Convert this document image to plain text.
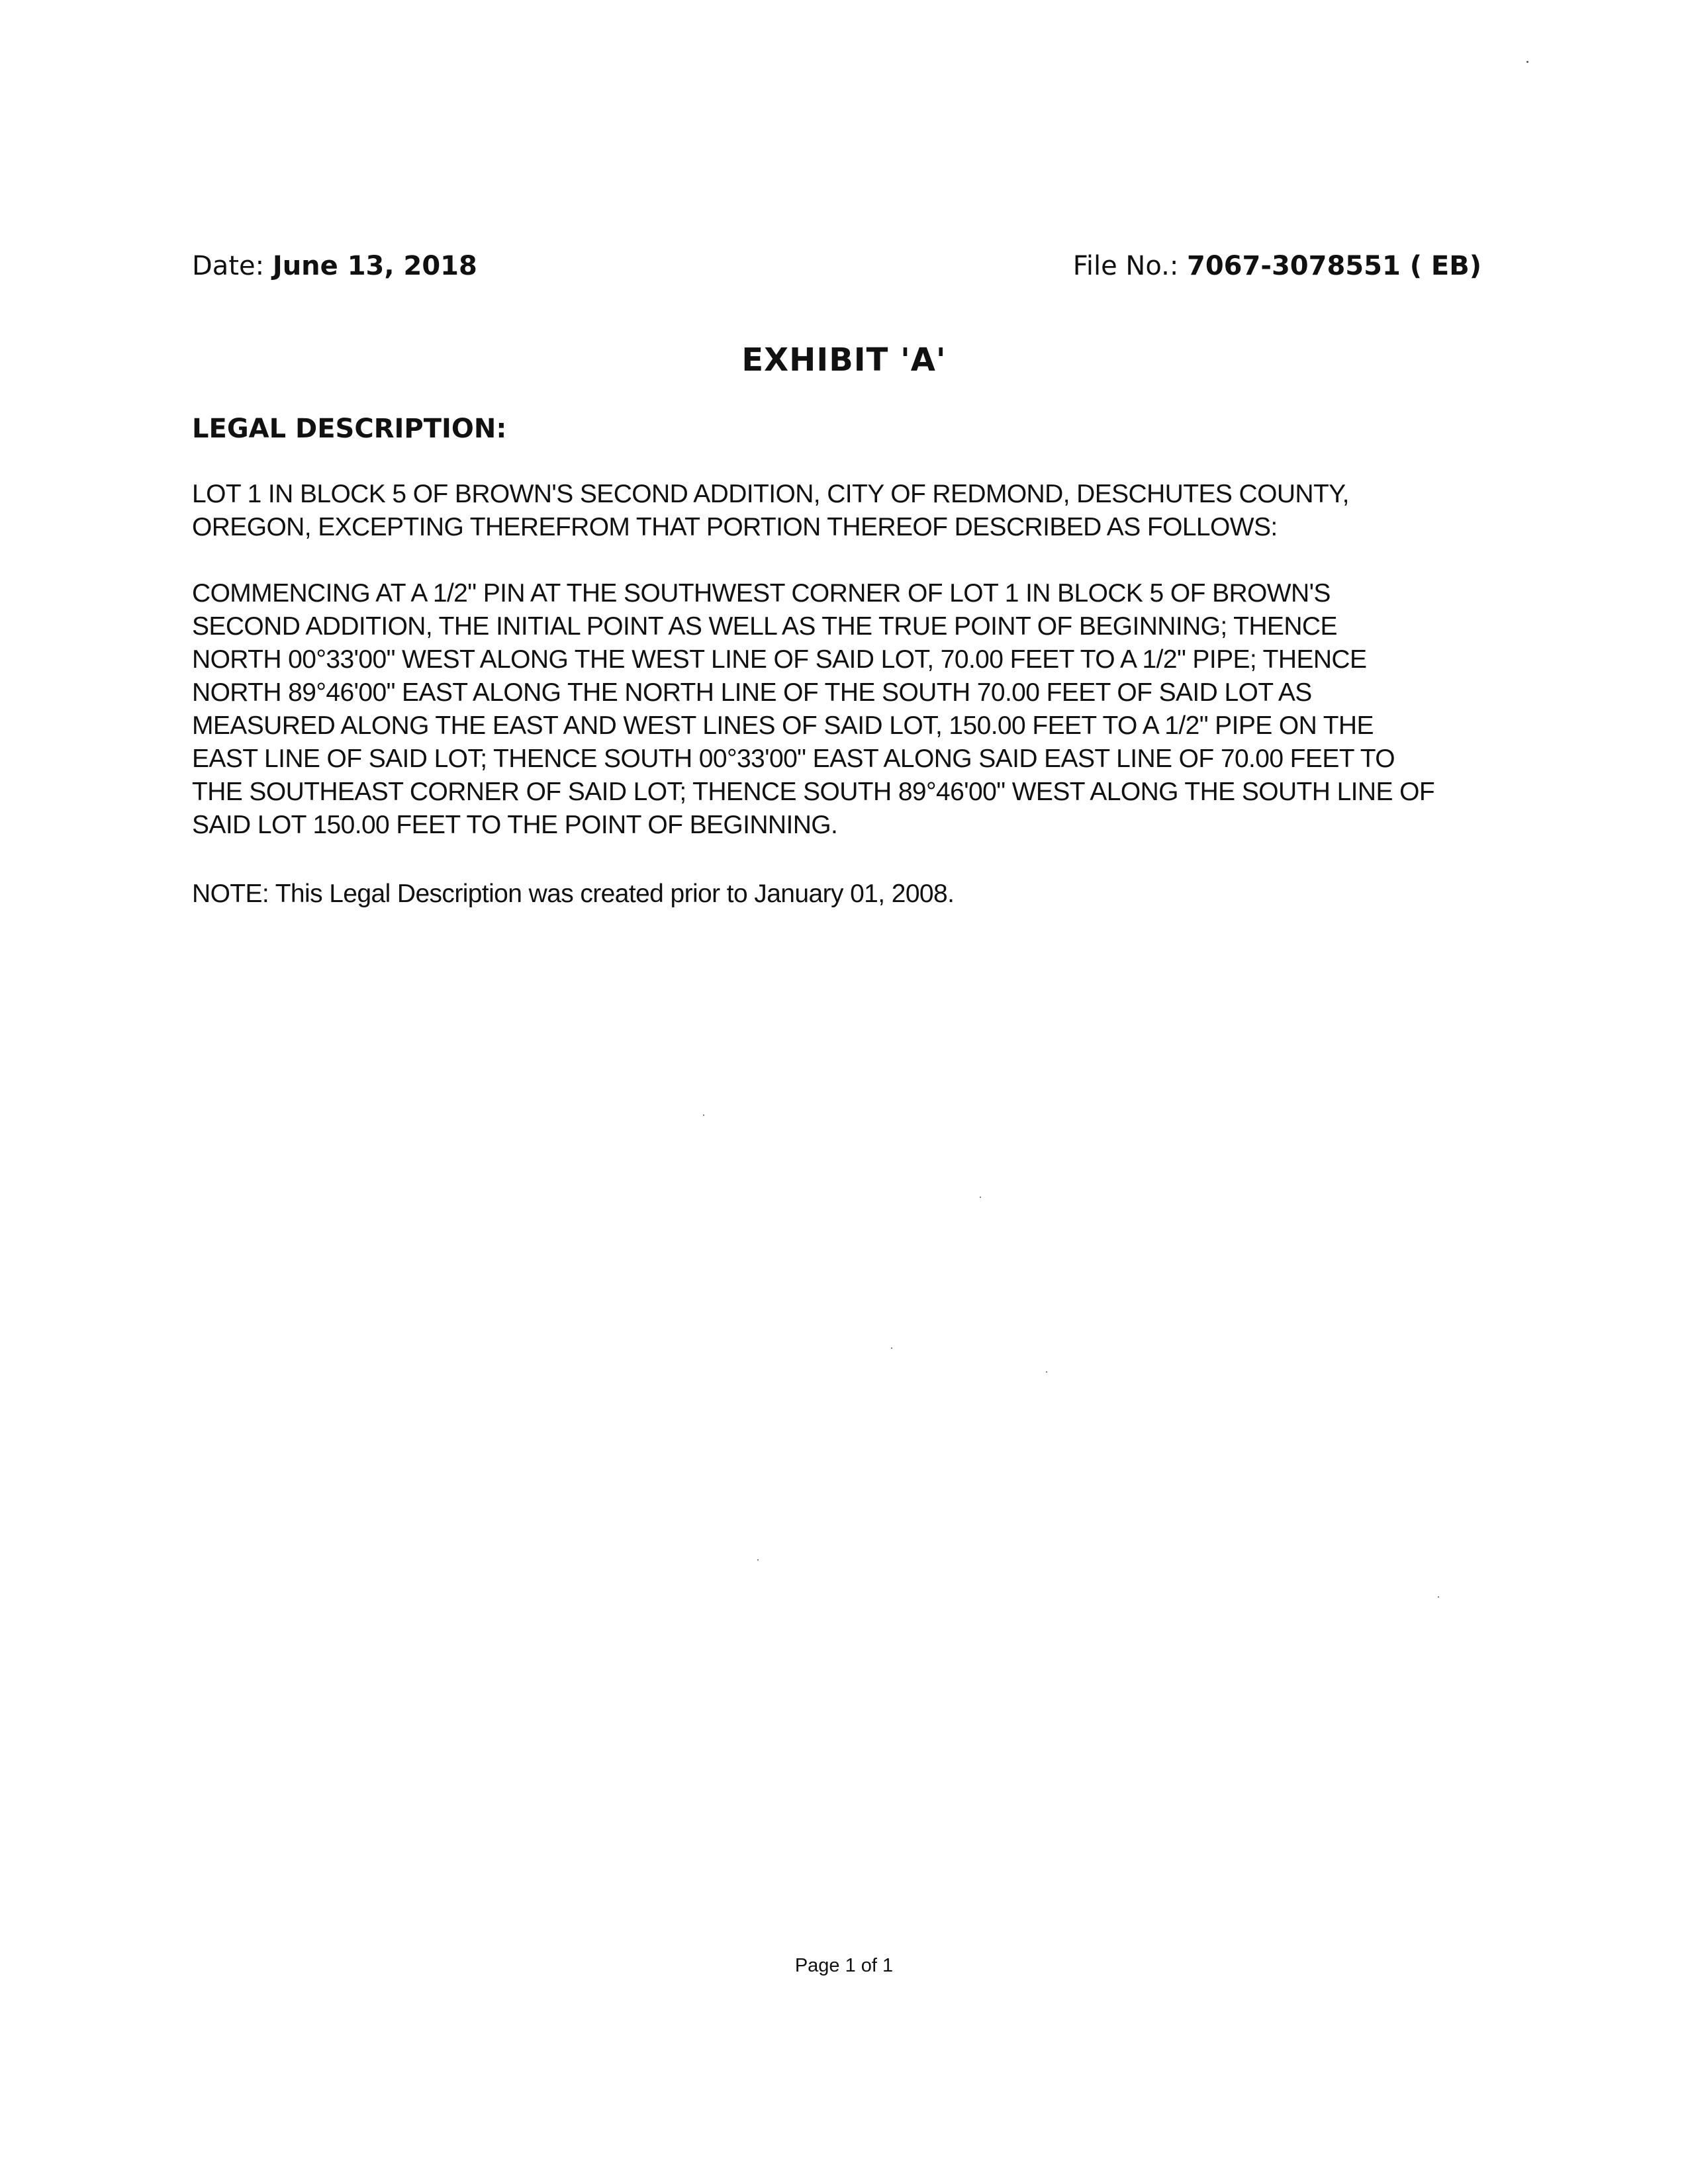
Date: June 13, 2018	File No.: 7067-3078551 ( EB)
EXHIBIT 'A'
LEGAL DESCRIPTION:
LOT 1 IN BLOCK 5 OF BROWN'S SECOND ADDITION, CITY OF REDMOND, DESCHUTES COUNTY,
OREGON, EXCEPTING THEREFROM THAT PORTION THEREOF DESCRIBED AS FOLLOWS:
COMMENCING AT A 1/2" PIN AT THE SOUTHWEST CORNER OF LOT 1 IN BLOCK 5 OF BROWN'S
SECOND ADDITION, THE INITIAL POINT AS WELL AS THE TRUE POINT OF BEGINNING; THENCE
NORTH 00°33'00" WEST ALONG THE WEST LINE OF SAID LOT, 70.00 FEET TO A 1/2" PIPE; THENCE
NORTH 89°46'00" EAST ALONG THE NORTH LINE OF THE SOUTH 70.00 FEET OF SAID LOT AS
MEASURED ALONG THE EAST AND WEST LINES OF SAID LOT, 150.00 FEET TO A 1/2" PIPE ON THE
EAST LINE OF SAID LOT; THENCE SOUTH 00°33'00" EAST ALONG SAID EAST LINE OF 70.00 FEET TO
THE SOUTHEAST CORNER OF SAID LOT; THENCE SOUTH 89°46'00" WEST ALONG THE SOUTH LINE OF
SAID LOT 150.00 FEET TO THE POINT OF BEGINNING.
NOTE: This Legal Description was created prior to January 01, 2008.
Page 1 of 1
